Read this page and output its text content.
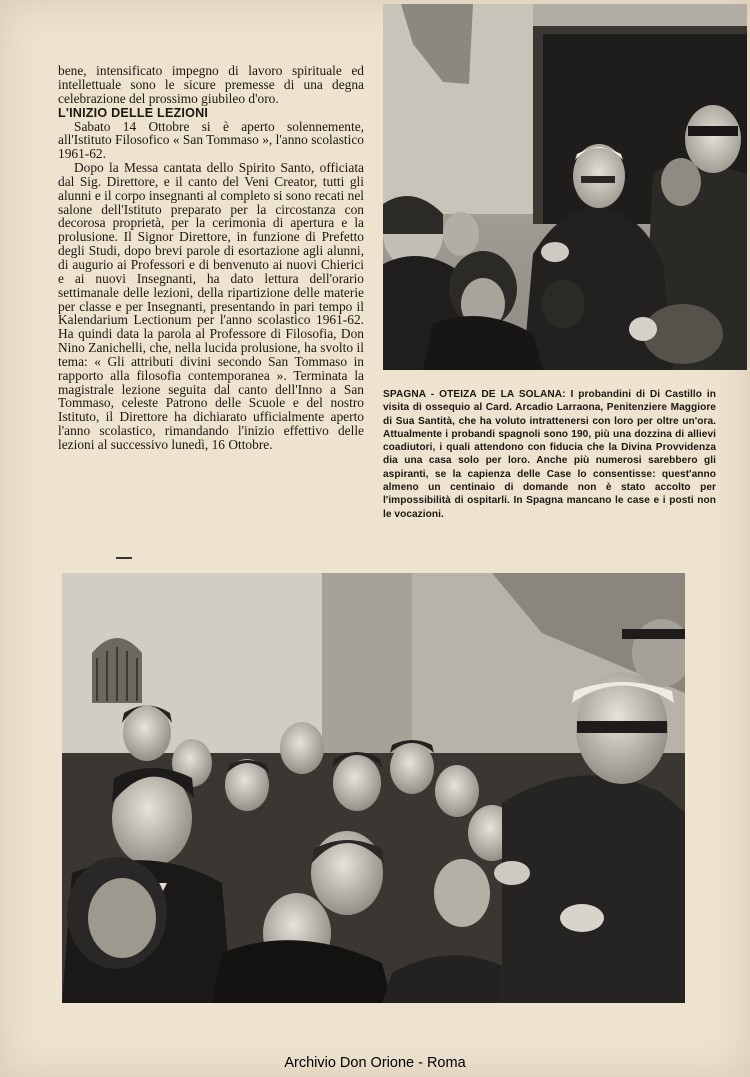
bene, intensificato impegno di lavoro spirituale ed intellettuale sono le sicure premesse di una degna celebrazione del prossimo giubileo d'oro.

L'INIZIO DELLE LEZIONI

Sabato 14 Ottobre si è aperto solennemente, all'Istituto Filosofico « San Tommaso », l'anno scolastico 1961-62.

Dopo la Messa cantata dello Spirito Santo, officiata dal Sig. Direttore, e il canto del Veni Creator, tutti gli alunni e il corpo insegnanti al completo si sono recati nel salone dell'Istituto preparato per la circostanza con decorosa proprietà, per la cerimonia di apertura e la prolusione. Il Signor Direttore, in funzione di Prefetto degli Studi, dopo brevi parole di esortazione agli alunni, di augurio ai Professori e di benvenuto ai nuovi Chierici e ai nuovi Insegnanti, ha dato lettura dell'orario settimanale delle lezioni, della ripartizione delle materie per classe e per Insegnanti, presentando in pari tempo il Kalendarium Lectionum per l'anno scolastico 1961-62. Ha quindi data la parola al Professore di Filosofia, Don Nino Zanichelli, che, nella lucida prolusione, ha svolto il tema: « Gli attributi divini secondo San Tommaso in rapporto alla filosofia contemporanea ». Terminata la magistrale lezione seguita dal canto dell'Inno a San Tommaso, celeste Patrono delle Scuole e del nostro Istituto, il Direttore ha dichiarato ufficialmente aperto l'anno scolastico, rimandando l'inizio effettivo delle lezioni al successivo lunedì, 16 Ottobre.

SPAGNA - OTEIZA DE LA SOLANA: I probandini di Di Castillo in visita di ossequio al Card. Arcadio Larraona, Penitenziere Maggiore di Sua Santità, che ha voluto intrattenersi con loro per oltre un'ora. Attualmente i probandi spagnoli sono 190, più una dozzina di allievi coadiutori, i quali attendono con fiducia che la Divina Provvidenza dia una casa solo per loro. Anche più numerosi sarebbero gli aspiranti, se la capienza delle Case lo consentisse: quest'anno almeno un centinaio di domande non è stato accolto per l'impossibilità di ospitarli. In Spagna mancano le case e i posti non le vocazioni.
Archivio Don Orione - Roma
